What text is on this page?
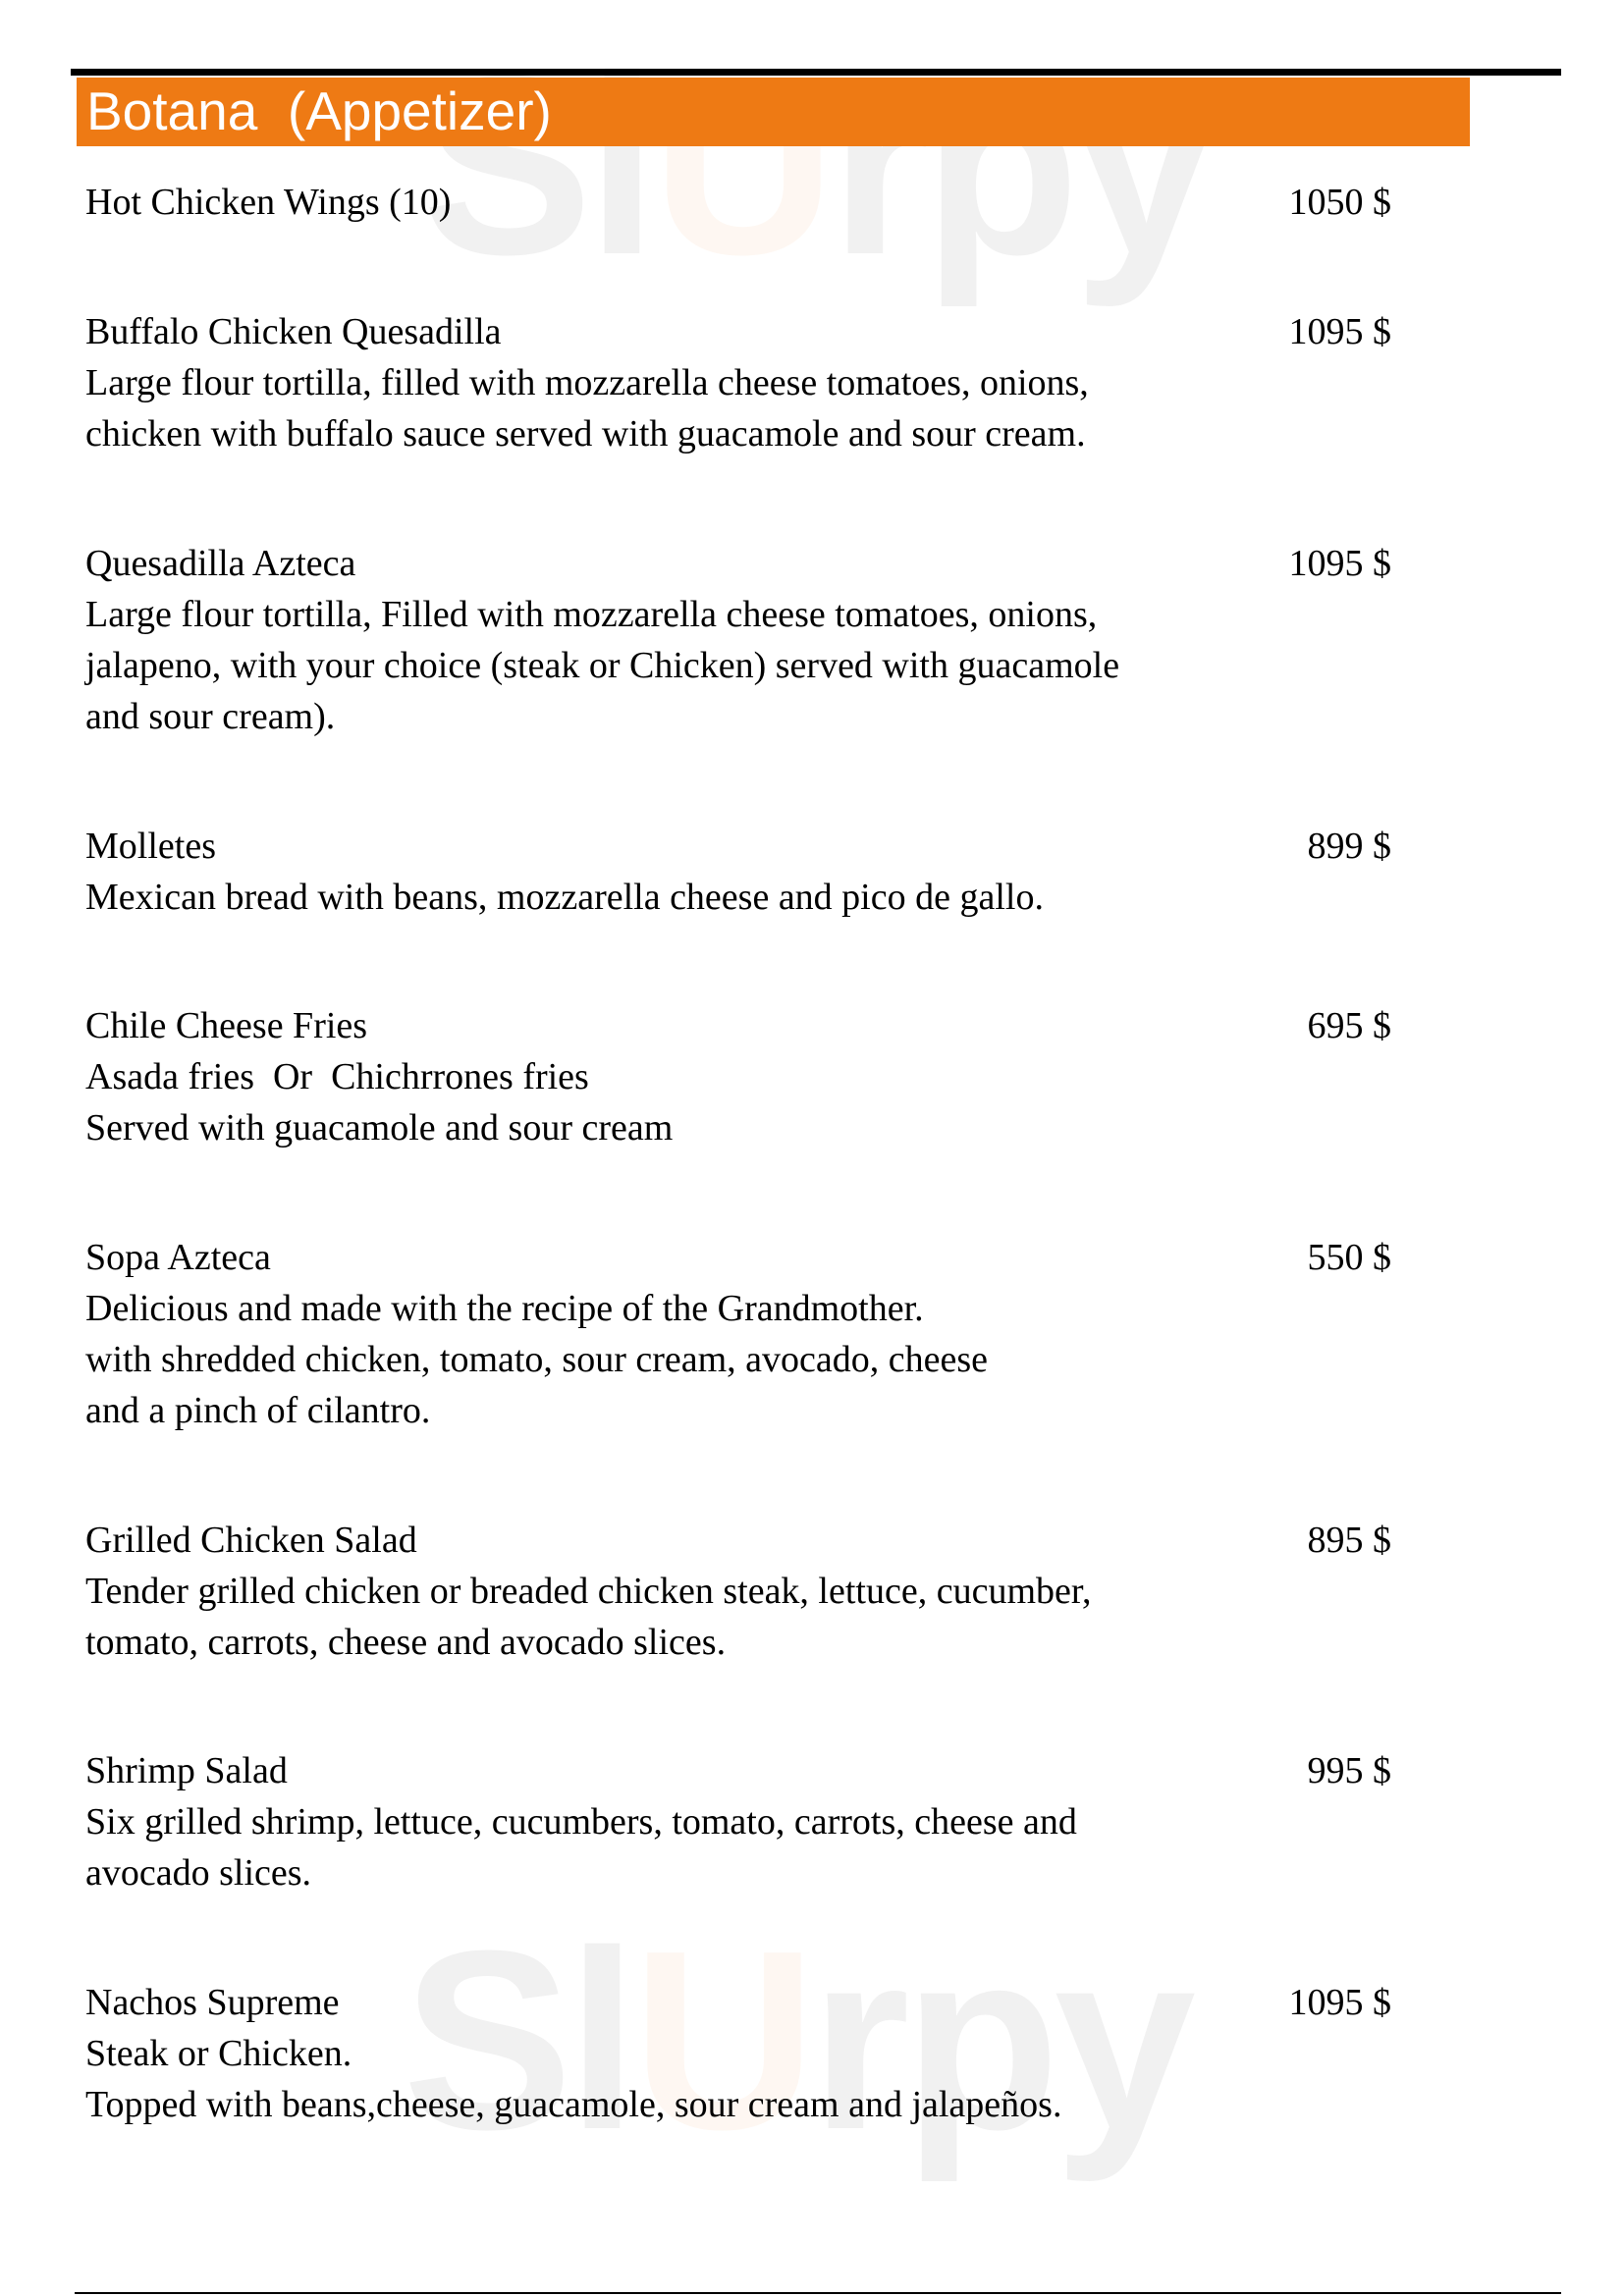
SlUrpy
SlUrpy
Botana  (Appetizer)
Hot Chicken Wings (10)	1050 $
Buffalo Chicken Quesadilla
Large flour tortilla, filled with mozzarella cheese tomatoes, onions,
chicken with buffalo sauce served with guacamole and sour cream.
1095 $
Quesadilla Azteca
Large flour tortilla, Filled with mozzarella cheese tomatoes, onions,
jalapeno, with your choice (steak or Chicken) served with guacamole
and sour cream).
1095 $
Molletes
Mexican bread with beans, mozzarella cheese and pico de gallo.
899 $
Chile Cheese Fries
Asada fries  Or  Chichrrones fries
Served with guacamole and sour cream
695 $
Sopa Azteca
Delicious and made with the recipe of the Grandmother.
with shredded chicken, tomato, sour cream, avocado, cheese
and a pinch of cilantro.
550 $
Grilled Chicken Salad
Tender grilled chicken or breaded chicken steak, lettuce, cucumber,
tomato, carrots, cheese and avocado slices.
895 $
Shrimp Salad
Six grilled shrimp, lettuce, cucumbers, tomato, carrots, cheese and
avocado slices.
995 $
Nachos Supreme
Steak or Chicken.
Topped with beans,cheese, guacamole, sour cream and jalapeños.
1095 $
